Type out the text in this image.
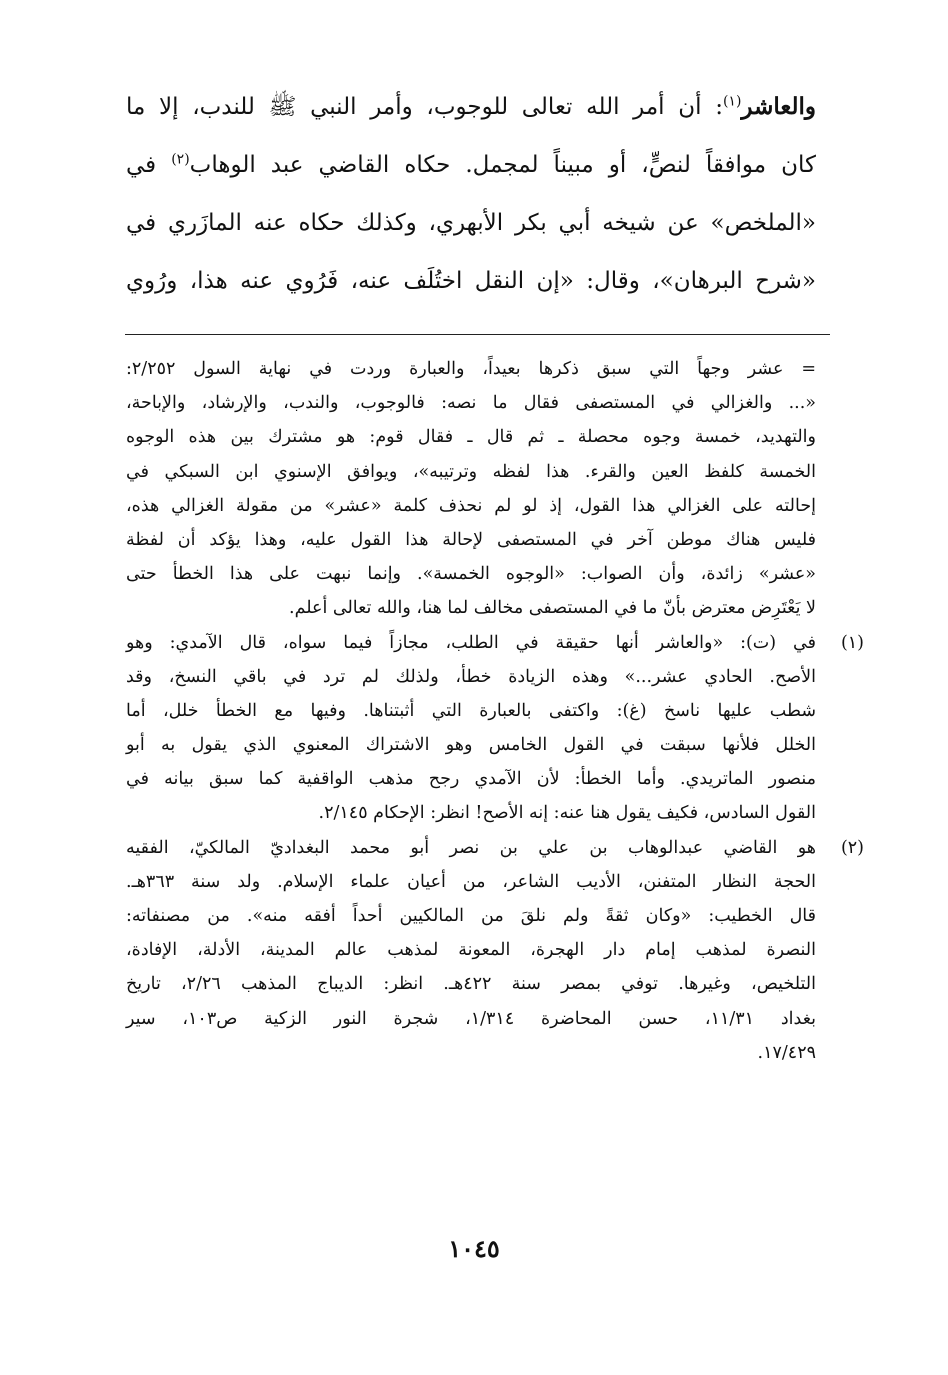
والعاشر$^{(١)}$: أن أمر الله تعالى للوجوب، وأمر النبي ﷺ للندب، إلا ما
كان موافقاً لنصٍّ، أو مبيناً لمجمل. حكاه القاضي عبد الوهاب$^{(٢)}$ في
«الملخص» عن شيخه أبي بكر الأبهري، وكذلك حكاه عنه المازَري في
«شرح البرهان»، وقال: «إن النقل اختُلَف عنه، فَرُوي عنه هذا، ورُوي
= عشر وجهاً التي سبق ذكرها بعيداً، والعبارة وردت في نهاية السول ٢/٢٥٢:
«... والغزالي في المستصفى فقال ما نصه: فالوجوب، والندب، والإرشاد، والإباحة،
والتهديد، خمسة وجوه محصلة ـ ثم قال ـ فقال قوم: هو مشترك بين هذه الوجوه
الخمسة كلفظ العين والقرء. هذا لفظه وترتيبه»، ويوافق الإسنوي ابن السبكي في
إحالته على الغزالي هذا القول، إذ لو لم نحذف كلمة «عشر» من مقولة الغزالي هذه،
فليس هناك موطن آخر في المستصفى لإحالة هذا القول عليه، وهذا يؤكد أن لفظة
«عشر» زائدة، وأن الصواب: «الوجوه الخمسة». وإنما نبهت على هذا الخطأ حتى
لا يَعْتَرِض معترض بأنّ ما في المستصفى مخالف لما هنا، والله تعالى أعلم.
(١)
في (ت): «والعاشر أنها حقيقة في الطلب، مجازاً فيما سواه، قال الآمدي: وهو
الأصح. الحادي عشر...» وهذه الزيادة خطأ، ولذلك لم ترد في باقي النسخ، وقد
شطب عليها ناسخ (غ): واكتفى بالعبارة التي أثبتناها. وفيها مع الخطأ خلل، أما
الخلل فلأنها سبقت في القول الخامس وهو الاشتراك المعنوي الذي يقول به أبو
منصور الماتريدي. وأما الخطأ: لأن الآمدي رجح مذهب الواقفية كما سبق بيانه في
القول السادس، فكيف يقول هنا عنه: إنه الأصح! انظر: الإحكام ٢/١٤٥.
(٢)
هو القاضي عبدالوهاب بن علي بن نصر أبو محمد البغداديّ المالكيّ، الفقيه
الحجة النظار المتفنن، الأديب الشاعر، من أعيان علماء الإسلام. ولد سنة ٣٦٣هـ.
قال الخطيب: «وكان ثقةً ولم نلقَ من المالكيين أحداً أفقه منه». من مصنفاته:
النصرة لمذهب إمام دار الهجرة، المعونة لمذهب عالم المدينة، الأدلة، الإفادة،
التلخيص، وغيرها. توفي بمصر سنة ٤٢٢هـ. انظر: الديباج المذهب ٢/٢٦، تاريخ
بغداد ١١/٣١، حسن المحاضرة ١/٣١٤، شجرة النور الزكية ص١٠٣، سير
١٧/٤٢٩.
١٠٤٥
